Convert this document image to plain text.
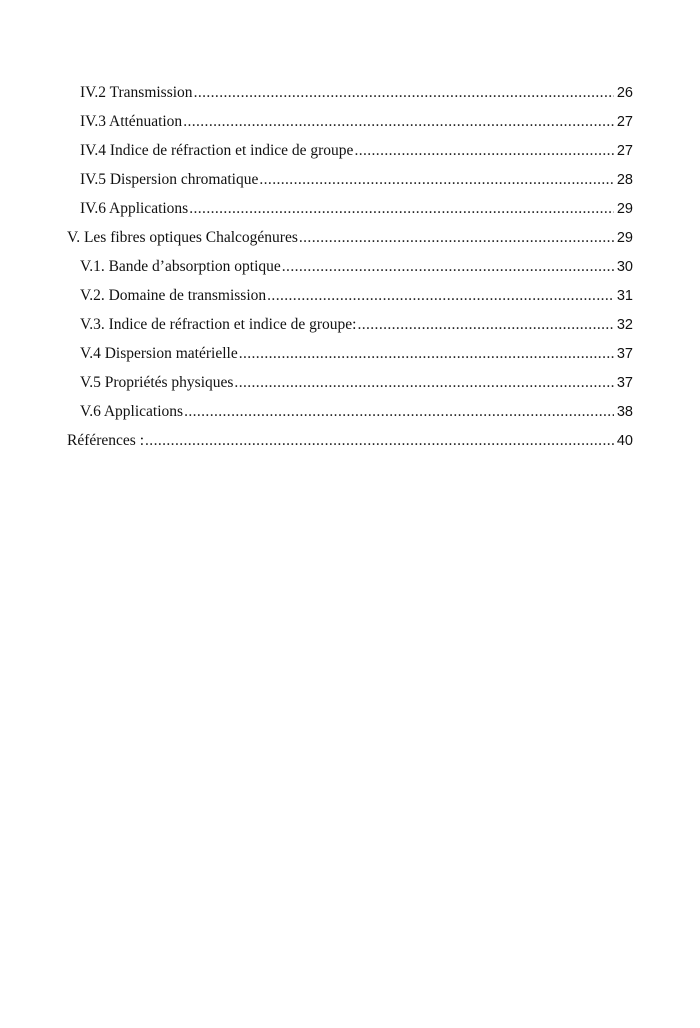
IV.2 Transmission .....	26
IV.3 Atténuation .....	27
IV.4 Indice de réfraction et indice de groupe .....	27
IV.5 Dispersion chromatique .....	28
IV.6 Applications .....	29
V. Les fibres optiques Chalcogénures .....	29
V.1. Bande d’absorption optique .....	30
V.2. Domaine de transmission .....	31
V.3. Indice de réfraction et indice de groupe: .....	32
V.4 Dispersion matérielle .....	37
V.5 Propriétés physiques .....	37
V.6 Applications .....	38
Références : .....	40
